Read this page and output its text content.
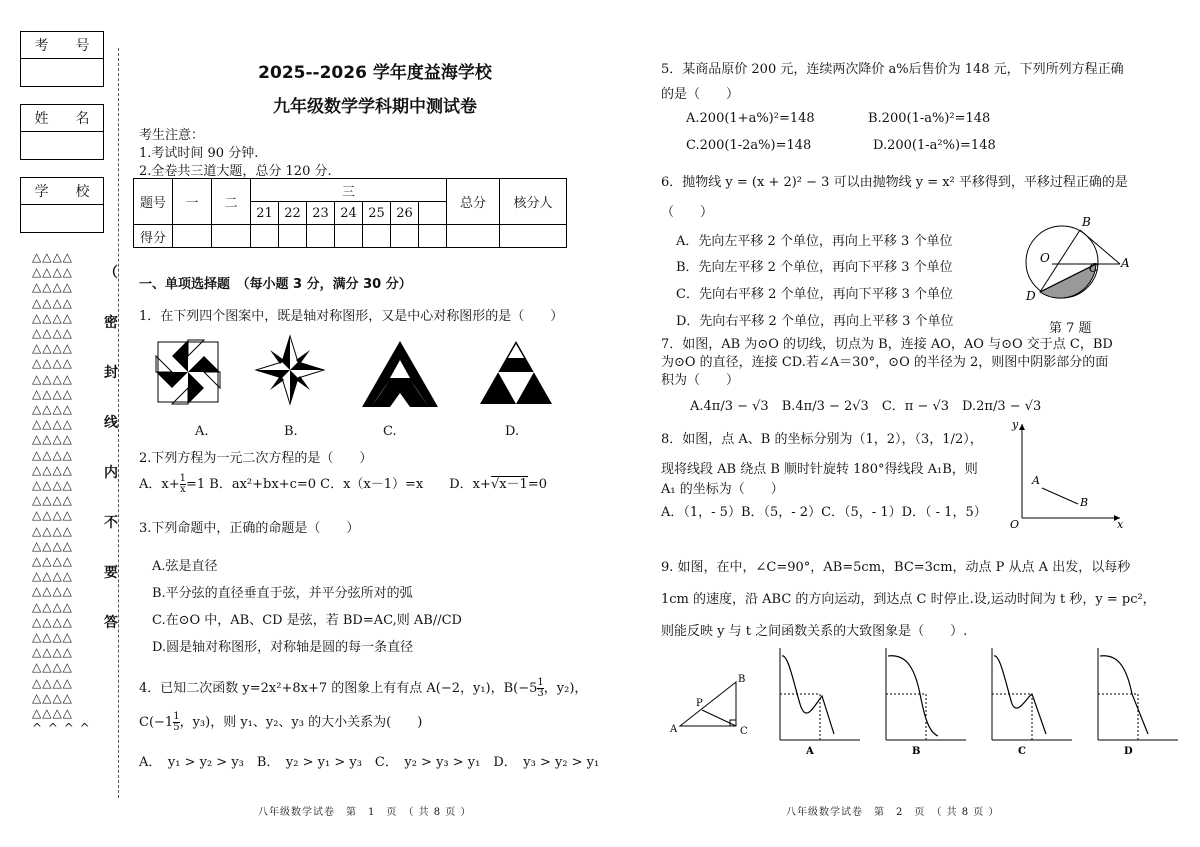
考 号
姓 名
学 校
△△△△
△△△△
△△△△
△△△△
△△△△
△△△△
△△△△
△△△△
△△△△
△△△△
△△△△
△△△△
△△△△
△△△△
△△△△
△△△△
△△△△
△△△△
△△△△
△△△△
△△△△
△△△△
△△△△
△△△△
△△△△
△△△△
△△△△
△△△△
△△△△
△△△△
△△△△
^ ^ ^ ^
（
密
封
线
内
不
要
答
2025--2026 学年度益海学校
九年级数学学科期中测试卷
考生注意：
1.考试时间 90 分钟.
2.全卷共三道大题，总分 120 分.
题号	一	二	三							总分	核分人
			21	22	23	24	25	26			
得分											
一、单项选择题　（每小题 3 分，满分 30 分）
1．在下列四个图案中，既是轴对称图形，又是中心对称图形的是（　　）
A.	B.	C.	D.
2.下列方程为一元二次方程的是（　　）
A．$x+ \frac{1}{x}=1$ B．ax²+bx+c=0 C．x（x－1）=x　　D．x+√x－1=0
3.下列命题中，正确的命题是（　　）
A.弦是直径
B.平分弦的直径垂直于弦，并平分弦所对的弧
C.在⊙O 中，AB、CD 是弦，若 BD=AC,则 AB//CD
D.圆是轴对称图形，对称轴是圆的每一条直径
4．已知二次函数 y=2x²+8x+7 的图象上有有点 A(−2，y₁)，$B(-5 \frac{1}{3}$，y₂)，
$C(-1 \frac{1}{5}$，y₃)，则 y₁、y₂、y₃ 的大小关系为(　　)
A．　y₁ > y₂ > y₃　B．　y₂ > y₁ > y₃　C．　y₂ > y₃ > y₁　D．　y₃ > y₂ > y₁
八年级数学试卷　第　1　页　（ 共 8 页 ）
5．某商品原价 200 元，连续两次降价 a%后售价为 148 元，下列所列方程正确
的是（　　）
A.200(1+a%)²=148	B.200(1-a%)²=148
C.200(1-2a%)=148	D.200(1-a²%)=148
6．抛物线 y = (x + 2)² − 3 可以由抛物线 y = x² 平移得到，平移过程正确的是
（　　）
A．先向左平移 2 个单位，再向上平移 3 个单位
B．先向左平移 2 个单位，再向下平移 3 个单位
C．先向右平移 2 个单位，再向下平移 3 个单位
D．先向右平移 2 个单位，再向上平移 3 个单位
B
O
C A
D
第 7 题
7．如图，AB 为⊙O 的切线，切点为 B，连接 AO，AO 与⊙O 交于点 C，BD
为⊙O 的直径，连接 CD.若∠A＝30°，⊙O 的半径为 2，则图中阴影部分的面
积为（　　）
A.4π/3 − √3　B.4π/3 − 2√3　C．π − √3　D.2π/3 − √3
8．如图，点 A、B 的坐标分别为（1，2），（3，1/2），
现将线段 AB 绕点 B 顺时针旋转 180°得线段 A₁B，则
A₁ 的坐标为（　　）
A．（1，- 5）B．（5，- 2）C．（5，- 1）D．（ - 1，5）
y
x
O
A
B
9. 如图，在中，∠C=90°，AB=5cm，BC=3cm，动点 P 从点 A 出发，以每秒
1cm 的速度，沿 ABC 的方向运动，到达点 C 时停止.设,运动时间为 t 秒，y = pc²，
则能反映 y 与 t 之间函数关系的大致图象是（　　）.
A
B
C
P
A	B	C	D
八年级数学试卷　第　2　页　（ 共 8 页 ）
